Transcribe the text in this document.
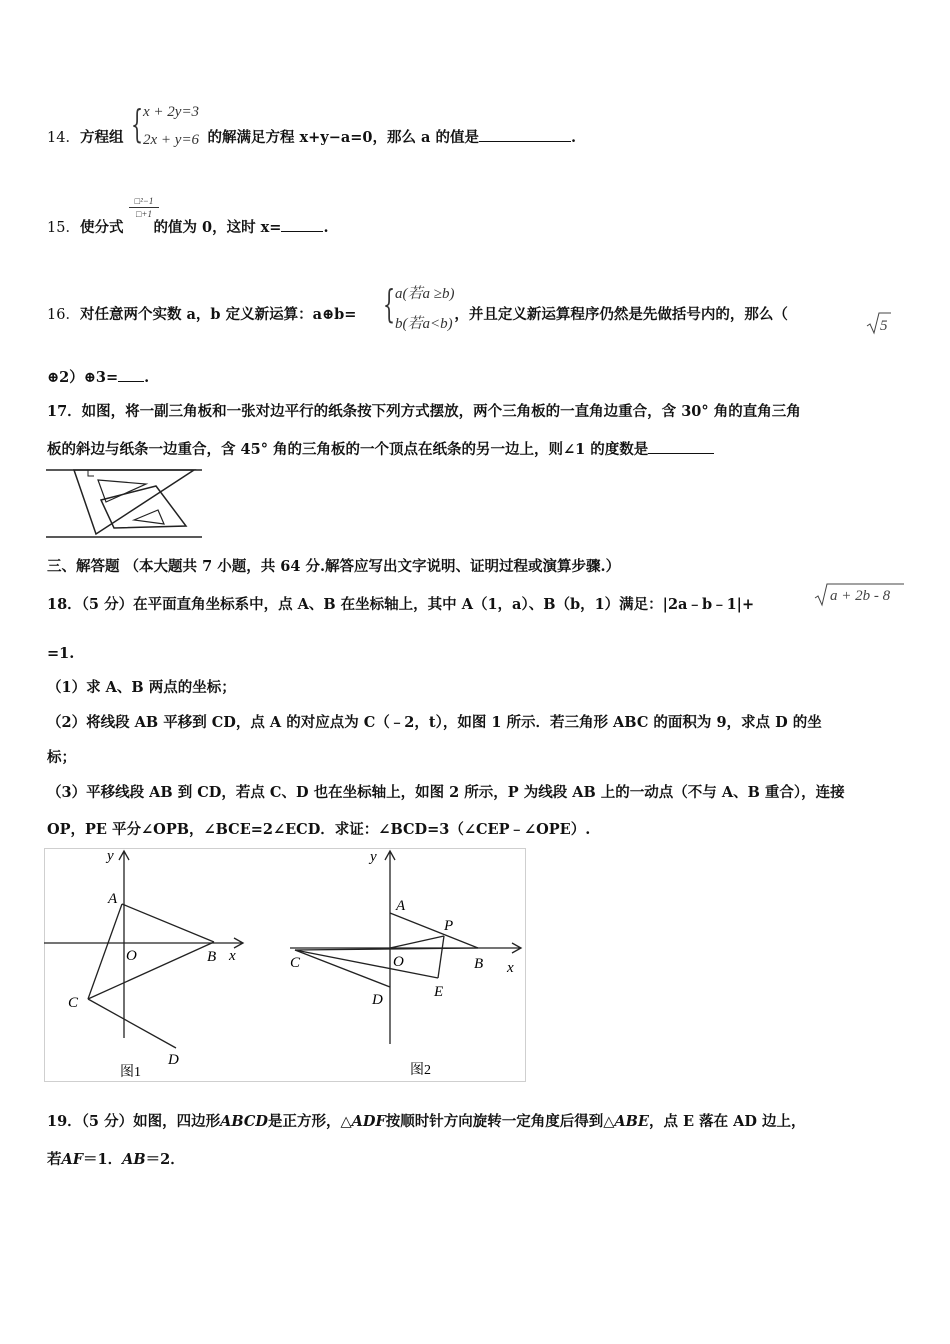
14．方程组	的解满足方程 x+y−a=0，那么 a 的值是	.
{ x + 2y=3
2x + y=6
□²−1
□+1
15．使分式 的值为 0，这时 x=	.
16．对任意两个实数 a，b 定义新运算：a⊕b=	，并且定义新运算程序仍然是先做括号内的，那么（
{ a(若a ≥b)
b(若a<b)	5
⊕2）⊕3= .
17．如图，将一副三角板和一张对边平行的纸条按下列方式摆放，两个三角板的一直角边重合，含 30° 角的直角三角
板的斜边与纸条一边重合，含 45° 角的三角板的一个顶点在纸条的另一边上，则∠1 的度数是
三、解答题 （本大题共 7 小题，共 64 分.解答应写出文字说明、证明过程或演算步骤.）
18．（5 分）在平面直角坐标系中，点 A、B 在坐标轴上，其中 A（1，a）、B（b，1）满足：|2a﹣b﹣1|+	a + 2b - 8
=1.
（1）求 A、B 两点的坐标；
（2）将线段 AB 平移到 CD，点 A 的对应点为 C（﹣2，t），如图 1 所示．若三角形 ABC 的面积为 9，求点 D 的坐
标；
（3）平移线段 AB 到 CD，若点 C、D 也在坐标轴上，如图 2 所示，P 为线段 AB 上的一动点（不与 A、B 重合），连接
OP，PE 平分∠OPB，∠BCE=2∠ECD．求证：∠BCD=3（∠CEP﹣∠OPE）.
y
x
A
O	B
C
D
图1
y
x
A
O	B
C
D
P
E
图2
19．（5 分）如图，四边形ABCD是正方形，△ADF按顺时针方向旋转一定角度后得到△ABE，点 E 落在 AD 边上，
若AF＝1．AB＝2．
